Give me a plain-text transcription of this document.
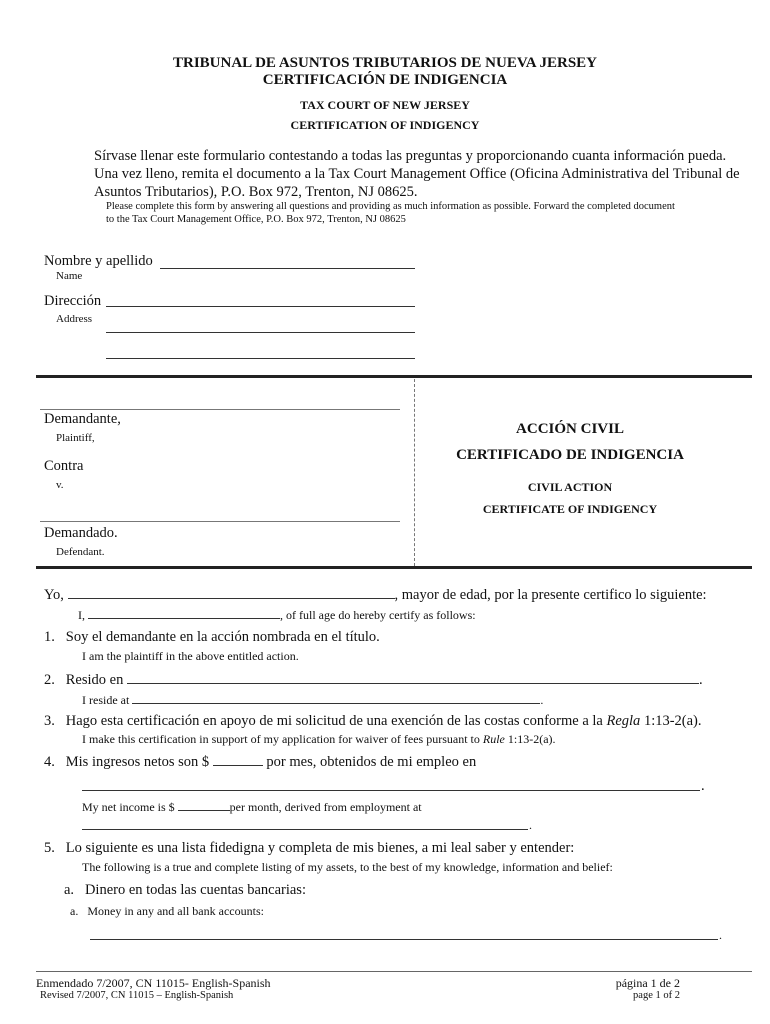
TRIBUNAL DE ASUNTOS TRIBUTARIOS DE NUEVA JERSEY
CERTIFICACIÓN DE INDIGENCIA
TAX COURT OF NEW JERSEY
CERTIFICATION OF INDIGENCY
Sírvase llenar este formulario contestando a todas las preguntas y proporcionando cuanta información pueda.
Una vez lleno, remita el documento a la Tax Court Management Office (Oficina Administrativa del Tribunal de
Asuntos Tributarios), P.O. Box 972, Trenton, NJ 08625.
Please complete this form by answering all questions and providing as much information as possible. Forward the completed document
to the Tax Court Management Office, P.O. Box 972, Trenton, NJ 08625
Nombre y apellido
Name
Dirección
Address
Demandante,
Plaintiff,
Contra
v.
Demandado.
Defendant.
ACCIÓN CIVIL
CERTIFICADO DE INDIGENCIA
CIVIL ACTION
CERTIFICATE OF INDIGENCY
Yo,	, mayor de edad, por la presente certifico lo siguiente:
I,	, of full age do hereby certify as follows:
1. Soy el demandante en la acción nombrada en el título.
I am the plaintiff in the above entitled action.
2. Resido en	.
I reside at	.
3. Hago esta certificación en apoyo de mi solicitud de una exención de las costas conforme a la Regla 1:13-2(a).
I make this certification in support of my application for waiver of fees pursuant to Rule 1:13-2(a).
4. Mis ingresos netos son $	por mes, obtenidos de mi empleo en
.
My net income is $	per month, derived from employment at
.
5. Lo siguiente es una lista fidedigna y completa de mis bienes, a mi leal saber y entender:
The following is a true and complete listing of my assets, to the best of my knowledge, information and belief:
a. Dinero en todas las cuentas bancarias:
a. Money in any and all bank accounts:
.
Enmendado 7/2007, CN 11015- English-Spanish
Revised 7/2007, CN 11015 – English-Spanish
página 1 de 2
page 1 of 2
